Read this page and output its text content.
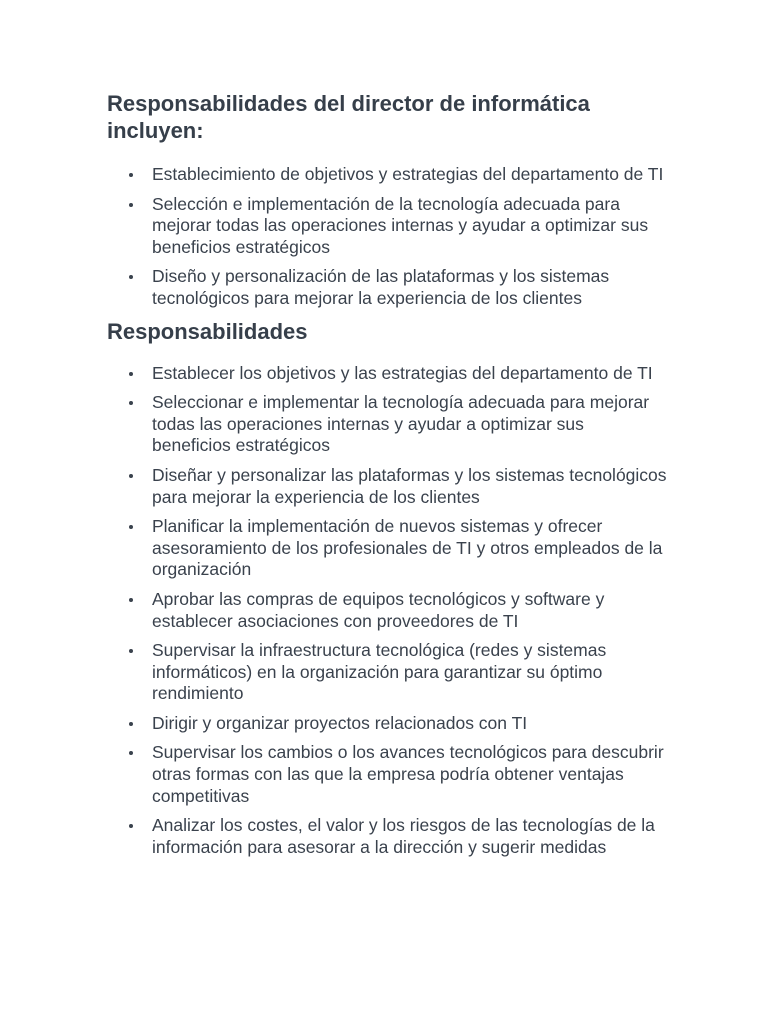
Responsabilidades del director de informática incluyen:
Establecimiento de objetivos y estrategias del departamento de TI
Selección e implementación de la tecnología adecuada para mejorar todas las operaciones internas y ayudar a optimizar sus beneficios estratégicos
Diseño y personalización de las plataformas y los sistemas tecnológicos para mejorar la experiencia de los clientes
Responsabilidades
Establecer los objetivos y las estrategias del departamento de TI
Seleccionar e implementar la tecnología adecuada para mejorar todas las operaciones internas y ayudar a optimizar sus beneficios estratégicos
Diseñar y personalizar las plataformas y los sistemas tecnológicos para mejorar la experiencia de los clientes
Planificar la implementación de nuevos sistemas y ofrecer asesoramiento de los profesionales de TI y otros empleados de la organización
Aprobar las compras de equipos tecnológicos y software y establecer asociaciones con proveedores de TI
Supervisar la infraestructura tecnológica (redes y sistemas informáticos) en la organización para garantizar su óptimo rendimiento
Dirigir y organizar proyectos relacionados con TI
Supervisar los cambios o los avances tecnológicos para descubrir otras formas con las que la empresa podría obtener ventajas competitivas
Analizar los costes, el valor y los riesgos de las tecnologías de la información para asesorar a la dirección y sugerir medidas
